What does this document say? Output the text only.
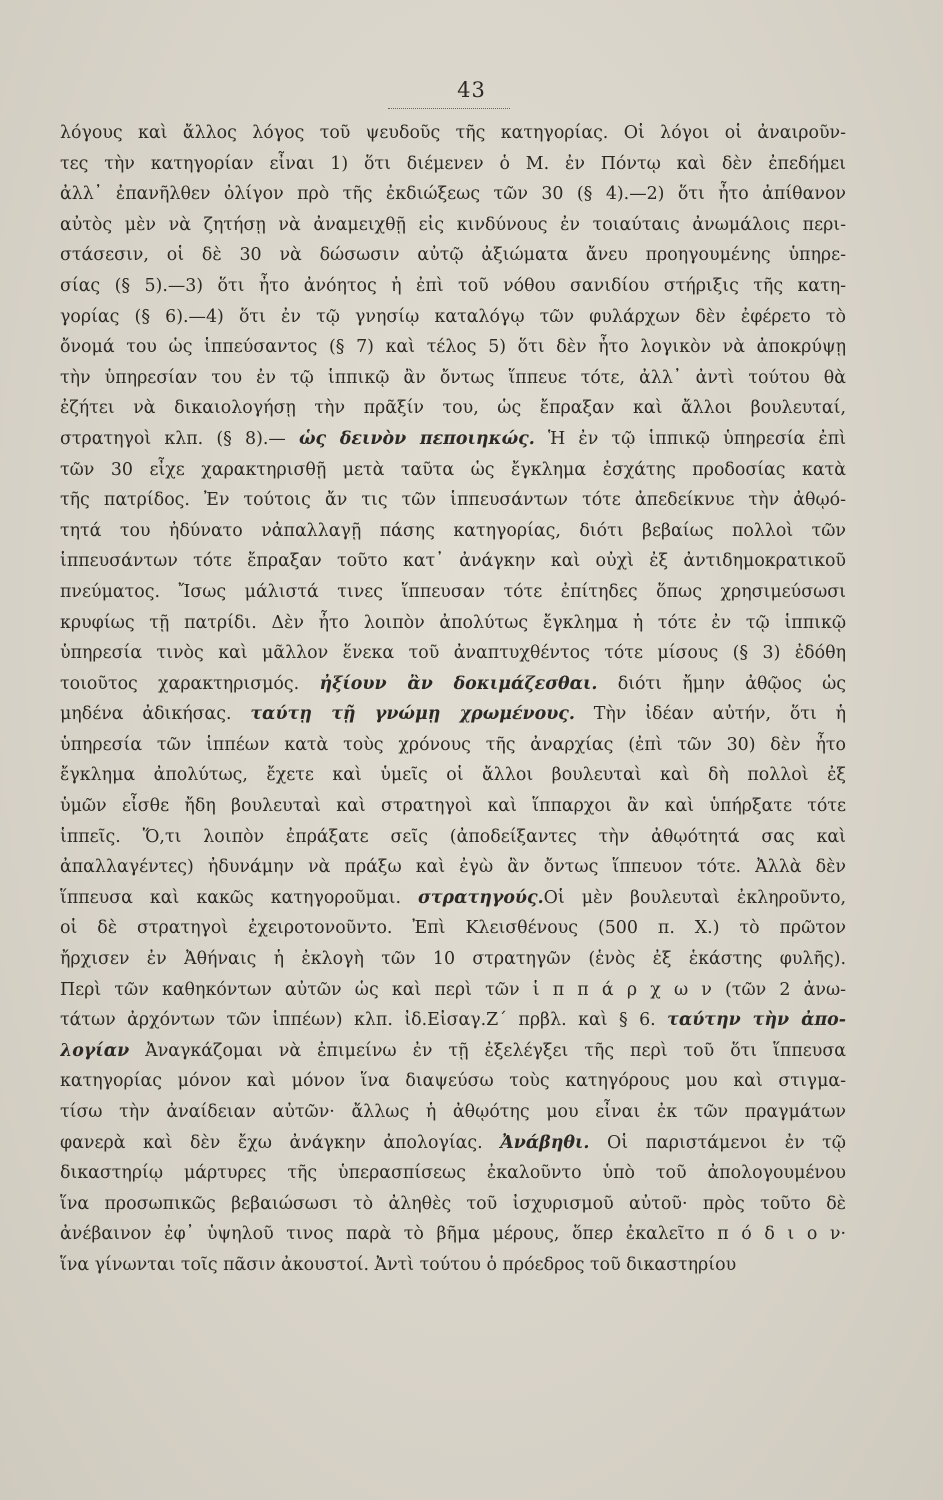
43
λόγους καὶ ἄλλος λόγος τοῦ ψευδοῦς τῆς κατηγορίας. Οἱ λόγοι οἱ ἀναιροῦν-
τες τὴν κατηγορίαν εἶναι 1) ὅτι διέμενεν ὁ Μ. ἐν Πόντῳ καὶ δὲν ἐπεδήμει
ἀλλ᾽ ἐπανῆλθεν ὀλίγον πρὸ τῆς ἐκδιώξεως τῶν 30 (§ 4).—2) ὅτι ἦτο ἀπίθανον
αὐτὸς μὲν νὰ ζητήσῃ νὰ ἀναμειχθῇ εἰς κινδύνους ἐν τοιαύταις ἀνωμάλοις περι-
στάσεσιν, οἱ δὲ 30 νὰ δώσωσιν αὐτῷ ἀξιώματα ἄνευ προηγουμένης ὑπηρε-
σίας (§ 5).—3) ὅτι ἦτο ἀνόητος ἡ ἐπὶ τοῦ νόθου σανιδίου στήριξις τῆς κατη-
γορίας (§ 6).—4) ὅτι ἐν τῷ γνησίῳ καταλόγῳ τῶν φυλάρχων δὲν ἐφέρετο τὸ
ὄνομά του ὡς ἱππεύσαντος (§ 7) καὶ τέλος 5) ὅτι δὲν ἦτο λογικὸν νὰ ἀποκρύψῃ
τὴν ὑπηρεσίαν του ἐν τῷ ἱππικῷ ἂν ὄντως ἵππευε τότε, ἀλλ᾽ ἀντὶ τούτου θὰ
ἐζήτει νὰ δικαιολογήσῃ τὴν πρᾶξίν του, ὡς ἔπραξαν καὶ ἄλλοι βουλευταί,
στρατηγοὶ κλπ. (§ 8).— ὡς δεινὸν πεποιηκώς. Ἡ ἐν τῷ ἱππικῷ ὑπηρεσία ἐπὶ
τῶν 30 εἶχε χαρακτηρισθῇ μετὰ ταῦτα ὡς ἔγκλημα ἐσχάτης προδοσίας κατὰ
τῆς πατρίδος. Ἐν τούτοις ἄν τις τῶν ἱππευσάντων τότε ἀπεδείκνυε τὴν ἀθῳό-
τητά του ἠδύνατο νἀπαλλαγῇ πάσης κατηγορίας, διότι βεβαίως πολλοὶ τῶν
ἱππευσάντων τότε ἔπραξαν τοῦτο κατ᾽ ἀνάγκην καὶ οὐχὶ ἐξ ἀντιδημοκρατικοῦ
πνεύματος. Ἴσως μάλιστά τινες ἵππευσαν τότε ἐπίτηδες ὅπως χρησιμεύσωσι
κρυφίως τῇ πατρίδι. Δὲν ἦτο λοιπὸν ἀπολύτως ἔγκλημα ἡ τότε ἐν τῷ ἱππικῷ
ὑπηρεσία τινὸς καὶ μᾶλλον ἕνεκα τοῦ ἀναπτυχθέντος τότε μίσους (§ 3) ἐδόθη
τοιοῦτος χαρακτηρισμός. ἠξίουν ἂν δοκιμάζεσθαι. διότι ἤμην ἀθῷος ὡς
μηδένα ἀδικήσας. ταύτῃ τῇ γνώμῃ χρωμένους. Τὴν ἰδέαν αὐτήν, ὅτι ἡ
ὑπηρεσία τῶν ἱππέων κατὰ τοὺς χρόνους τῆς ἀναρχίας (ἐπὶ τῶν 30) δὲν ἦτο
ἔγκλημα ἀπολύτως, ἔχετε καὶ ὑμεῖς οἱ ἄλλοι βουλευταὶ καὶ δὴ πολλοὶ ἐξ
ὑμῶν εἶσθε ἤδη βουλευταὶ καὶ στρατηγοὶ καὶ ἵππαρχοι ἂν καὶ ὑπήρξατε τότε
ἱππεῖς. Ὅ,τι λοιπὸν ἐπράξατε σεῖς (ἀποδείξαντες τὴν ἀθῳότητά σας καὶ
ἀπαλλαγέντες) ἠδυνάμην νὰ πράξω καὶ ἐγὼ ἂν ὄντως ἵππευον τότε. Ἀλλὰ δὲν
ἵππευσα καὶ κακῶς κατηγοροῦμαι. στρατηγούς.Οἱ μὲν βουλευταὶ ἐκληροῦντο,
οἱ δὲ στρατηγοὶ ἐχειροτονοῦντο. Ἐπὶ Κλεισθένους (500 π. Χ.) τὸ πρῶτον
ἤρχισεν ἐν Ἀθήναις ἡ ἐκλογὴ τῶν 10 στρατηγῶν (ἑνὸς ἐξ ἑκάστης φυλῆς).
Περὶ τῶν καθηκόντων αὐτῶν ὡς καὶ περὶ τῶν ἱ π π ά ρ χ ω ν (τῶν 2 ἀνω-
τάτων ἀρχόντων τῶν ἱππέων) κλπ. ἰδ.Εἰσαγ.Ζ´ πρβλ. καὶ § 6. ταύτην τὴν ἀπο-
λογίαν Ἀναγκάζομαι νὰ ἐπιμείνω ἐν τῇ ἐξελέγξει τῆς περὶ τοῦ ὅτι ἵππευσα
κατηγορίας μόνον καὶ μόνον ἵνα διαψεύσω τοὺς κατηγόρους μου καὶ στιγμα-
τίσω τὴν ἀναίδειαν αὐτῶν· ἄλλως ἡ ἀθῳότης μου εἶναι ἐκ τῶν πραγμάτων
φανερὰ καὶ δὲν ἔχω ἀνάγκην ἀπολογίας. Ἀνάβηθι. Οἱ παριστάμενοι ἐν τῷ
δικαστηρίῳ μάρτυρες τῆς ὑπερασπίσεως ἐκαλοῦντο ὑπὸ τοῦ ἀπολογουμένου
ἵνα προσωπικῶς βεβαιώσωσι τὸ ἀληθὲς τοῦ ἰσχυρισμοῦ αὐτοῦ· πρὸς τοῦτο δὲ
ἀνέβαινον ἐφ᾽ ὑψηλοῦ τινος παρὰ τὸ βῆμα μέρους, ὅπερ ἐκαλεῖτο π ό δ ι ο ν·
ἵνα γίνωνται τοῖς πᾶσιν ἀκουστοί. Ἀντὶ τούτου ὁ πρόεδρος τοῦ δικαστηρίου
